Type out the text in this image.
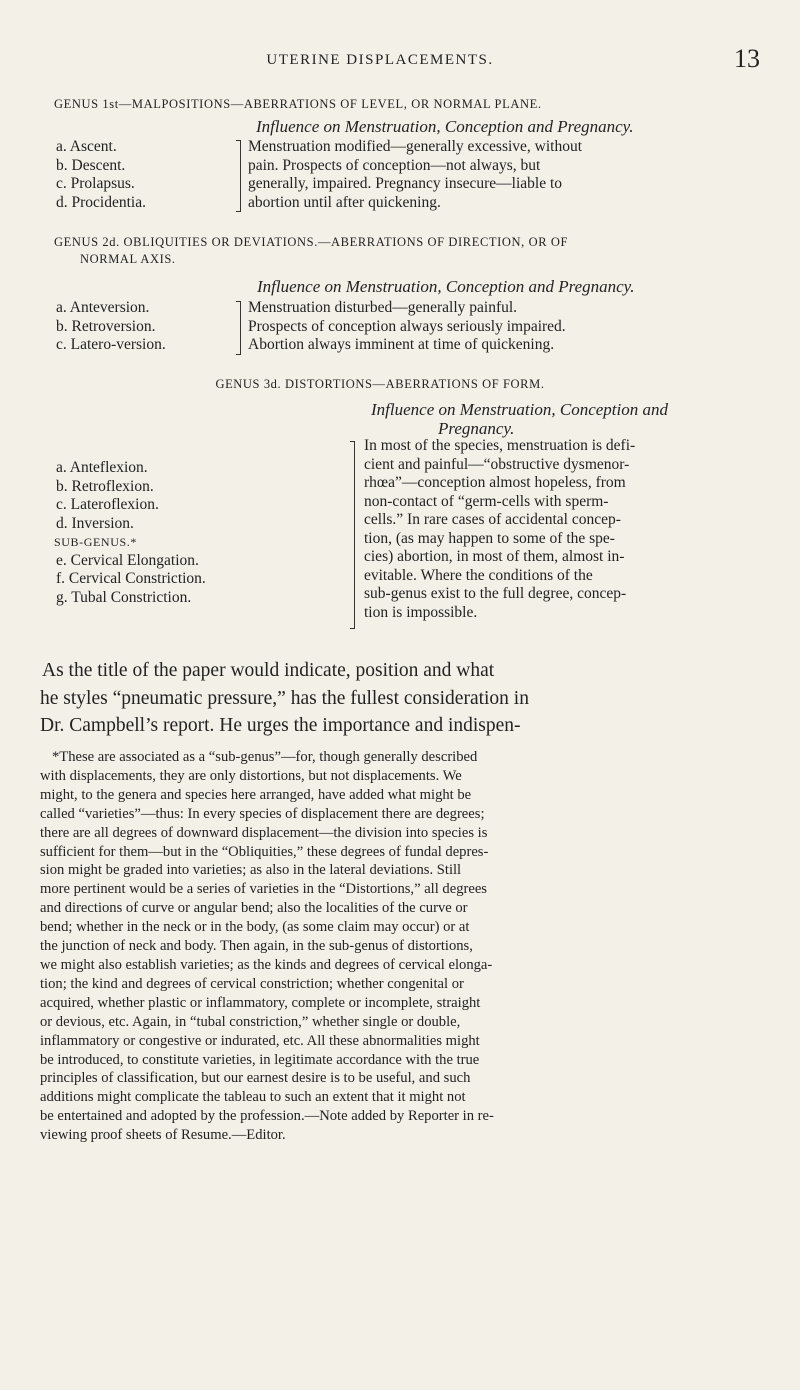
UTERINE DISPLACEMENTS.	13
GENUS 1st—MALPOSITIONS—ABERRATIONS OF LEVEL, OR NORMAL PLANE.
Influence on Menstruation, Conception and Pregnancy.
a. Ascent.
b. Descent.
c. Prolapsus.
d. Procidentia.
Menstruation modified—generally excessive, without
pain. Prospects of conception—not always, but
generally, impaired. Pregnancy insecure—liable to
abortion until after quickening.
GENUS 2d. OBLIQUITIES OR DEVIATIONS.—ABERRATIONS OF DIRECTION, OR OF
NORMAL AXIS.
Influence on Menstruation, Conception and Pregnancy.
a. Anteversion.
b. Retroversion.
c. Latero-version.
Menstruation disturbed—generally painful.
Prospects of conception always seriously impaired.
Abortion always imminent at time of quickening.
GENUS 3d. DISTORTIONS—ABERRATIONS OF FORM.
Influence on Menstruation, Conception and
Pregnancy.
a. Anteflexion.
b. Retroflexion.
c. Lateroflexion.
d. Inversion.
SUB-GENUS.*
e. Cervical Elongation.
f. Cervical Constriction.
g. Tubal Constriction.
In most of the species, menstruation is defi-
cient and painful—“obstructive dysmenor-
rhœa”—conception almost hopeless, from
non-contact of “germ-cells with sperm-
cells.” In rare cases of accidental concep-
tion, (as may happen to some of the spe-
cies) abortion, in most of them, almost in-
evitable. Where the conditions of the
sub-genus exist to the full degree, concep-
tion is impossible.
As the title of the paper would indicate, position and what
he styles “pneumatic pressure,” has the fullest consideration in
Dr. Campbell’s report. He urges the importance and indispen-
*These are associated as a “sub-genus”—for, though generally described
with displacements, they are only distortions, but not displacements. We
might, to the genera and species here arranged, have added what might be
called “varieties”—thus: In every species of displacement there are degrees;
there are all degrees of downward displacement—the division into species is
sufficient for them—but in the “Obliquities,” these degrees of fundal depres-
sion might be graded into varieties; as also in the lateral deviations. Still
more pertinent would be a series of varieties in the “Distortions,” all degrees
and directions of curve or angular bend; also the localities of the curve or
bend; whether in the neck or in the body, (as some claim may occur) or at
the junction of neck and body. Then again, in the sub-genus of distortions,
we might also establish varieties; as the kinds and degrees of cervical elonga-
tion; the kind and degrees of cervical constriction; whether congenital or
acquired, whether plastic or inflammatory, complete or incomplete, straight
or devious, etc. Again, in “tubal constriction,” whether single or double,
inflammatory or congestive or indurated, etc. All these abnormalities might
be introduced, to constitute varieties, in legitimate accordance with the true
principles of classification, but our earnest desire is to be useful, and such
additions might complicate the tableau to such an extent that it might not
be entertained and adopted by the profession.—Note added by Reporter in re-
viewing proof sheets of Resume.—Editor.
